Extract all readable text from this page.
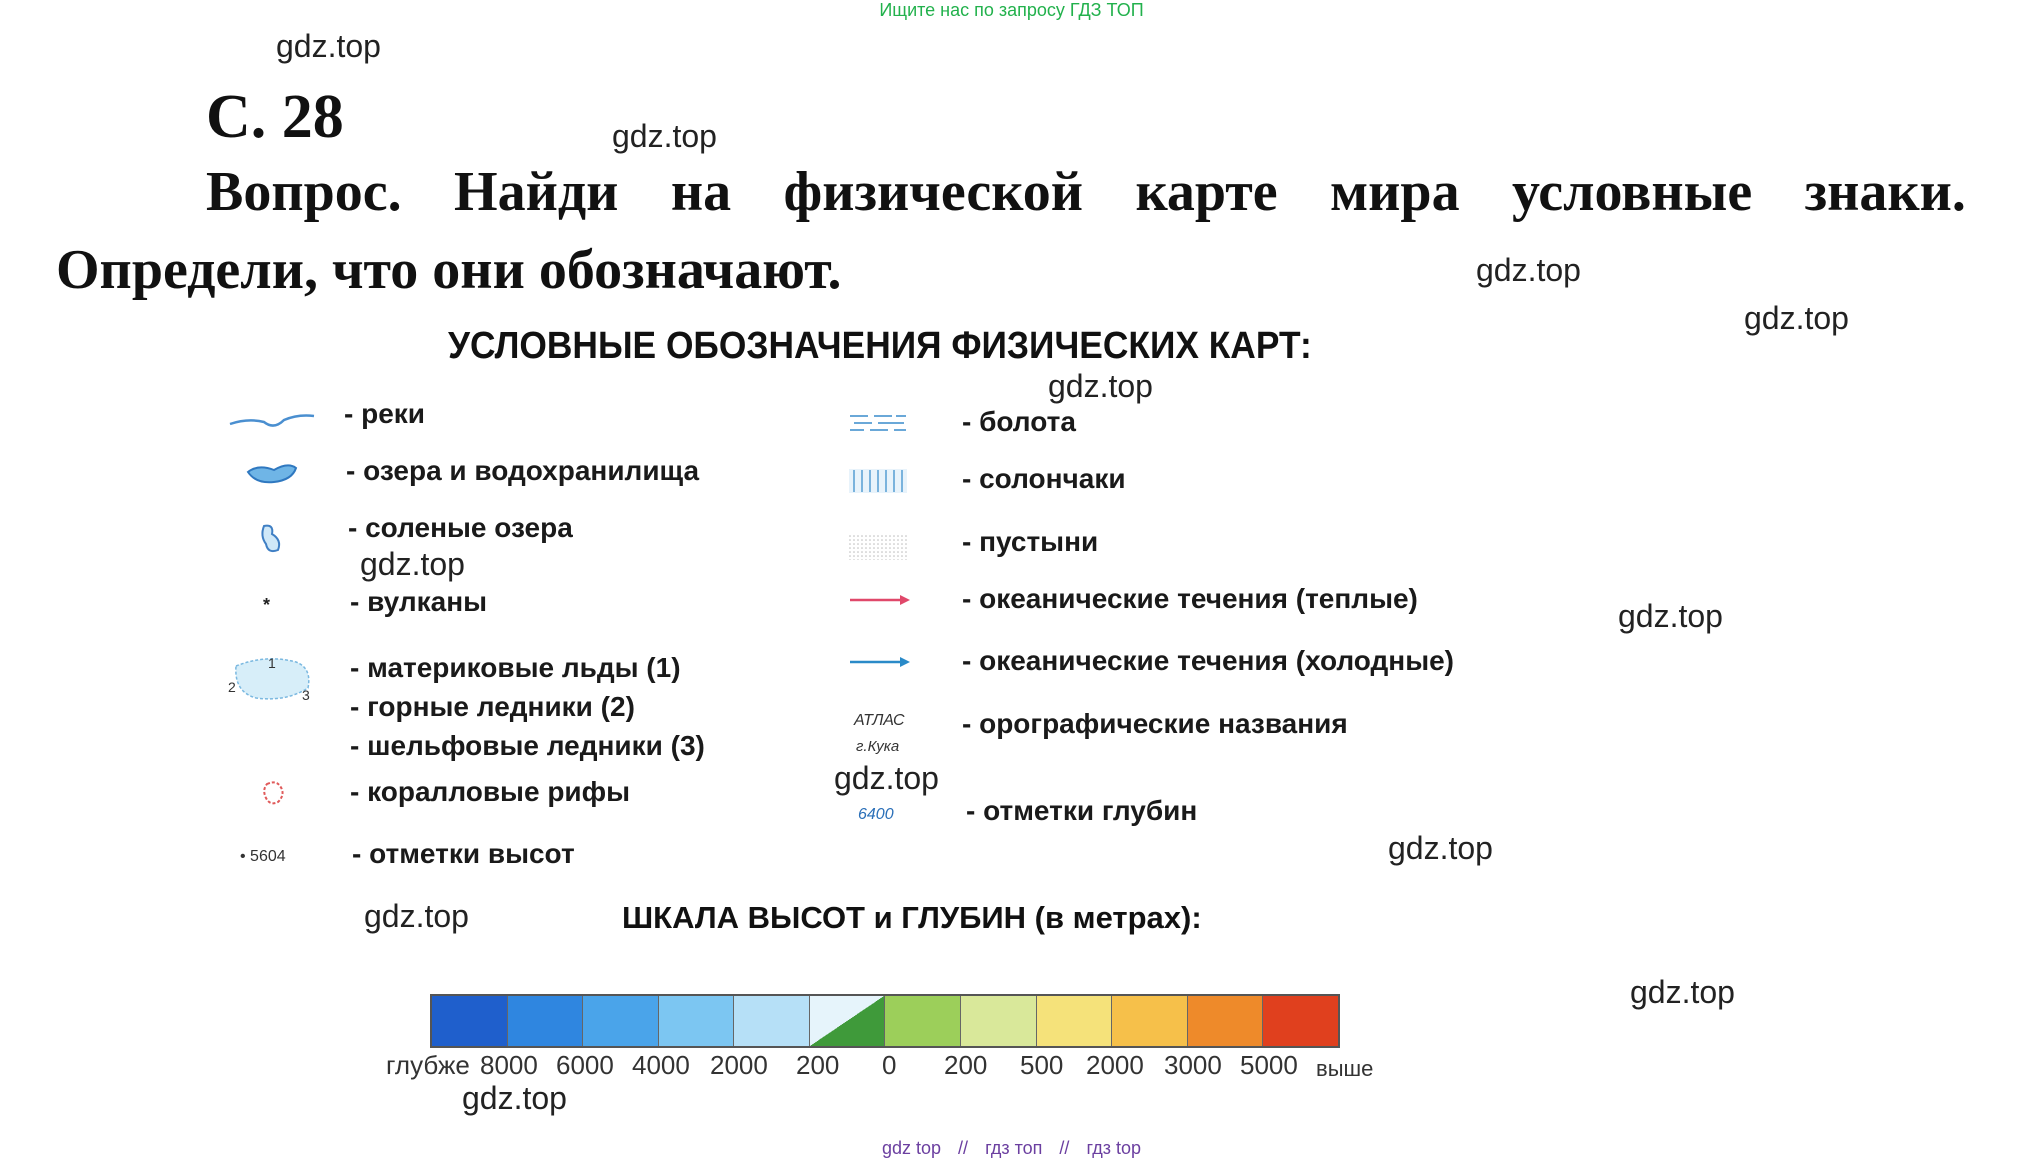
Ищите нас по запросу ГДЗ ТОП
gdz.top
gdz.top
gdz.top
gdz.top
gdz.top
gdz.top
gdz.top
gdz.top
gdz.top
gdz.top
gdz.top
gdz.top
С. 28
Вопрос. Найди на физической карте мира условные знаки.
Определи, что они обозначают.
УСЛОВНЫЕ ОБОЗНАЧЕНИЯ ФИЗИЧЕСКИХ КАРТ:
*
1
2	3
• 5604
- реки
- озера и водохранилища
- соленые озера
- вулканы
- материковые льды (1)
- горные ледники (2)
- шельфовые ледники (3)
- коралловые рифы
- отметки высот
АТЛАС
г.Кука
6400
- болота
- солончаки
- пустыни
- океанические течения (теплые)
- океанические течения (холодные)
- орографические названия
- отметки глубин
ШКАЛА ВЫСОТ и ГЛУБИН (в метрах):
глубже 8000 6000 4000 2000 200 0 200 500 2000 3000 5000 выше
gdz top // гдз топ // гдз top
